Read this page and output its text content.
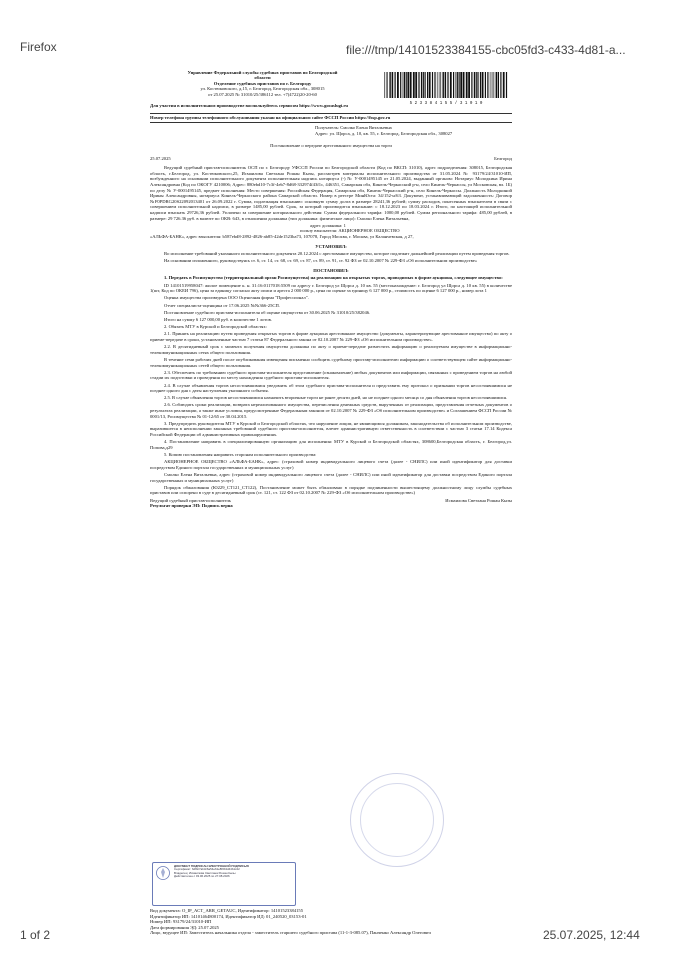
Firefox	file:///tmp/14101523384155-cbc05fd3-c433-4d81-a...
1 of 2	25.07.2025, 12:44
Управление Федеральной службы судебных приставов по Белгородской
области
Отделение судебных приставов по г. Белгороду
ул. Костюковского, д.15, г. Белгород, Белгородская обл., 308015
от 25.07.2025 № 31010/25/386112 тел. +7(4722)20-20-60
5 2 3 3 8 4 1 5 5 / 3 1 0 1 0
Для участия в исполнительном производстве воспользуйтесь сервисом https://www.gosuslugi.ru
Номер телефона группы телефонного обслуживания указан на официальном сайте ФССП России https://fssp.gov.ru
Получатель: Смолко Елена Витальевна
Адрес: ул. Щорса, д. 10, кв. 55, г. Белгород, Белгородская обл., 308027
Постановление о передаче арестованного имущества на торги
25.07.2025	Белгород

Ведущий судебный пристав-исполнитель ОСП по г. Белгороду УФССП России по Белгородской области (Код по ВКСП: 31010), адрес подразделения: 308015, Белгородская область, г.Белгород, ул. Костюковского,25, Исмаилова Светлана Рошан Кызы, рассмотрев материалы исполнительного производства от 31.05.2024 № 93179/24/31010-ИП, возбужденного на основании исполнительного документа исполнительная надпись нотариуса (-) № У-0001495145 от 21.05.2024, выданный органом: Нотариус Молодкина Ирина Александровна (Код по ОКОГУ 4210006; Адрес: 880ebd10-7c3f-4eb7-8d68-332974f43f1c, 446351, Самарская обл, Кинель-Черкасский р-н, село Кинель-Черкассы, ул Московская, вл. 1Б) по делу № У-0001495145, предмет исполнения: Место совершения: Российская Федерация, Самарская обл, Кинель-Черкасский р-н, село Кинель-Черкассы. Должность Молодкиной Ирины Александровны, нотариуса Кинель-Черкасского района Самарской области. Номер в реестре МинЮста: 34/152-н/63. Документ, устанавливающий задолженность: Договор №F0PDRG20S22092013401 от 26.09.2022 г. Сумма, подлежащая взысканию: основную сумму долга в размере 28241,36 рублей; сумму расходов, понесенных взыскателем в связи с совершением исполнительной надписи, в размере 1485,00 рублей. Срок, за который производится взыскание: с 18.12.2023 по 18.03.2024 г. Итого, по настоящей исполнительной надписи взыскать 29726,36 рублей. Уплачено за совершение нотариального действия: Сумма федерального тарифа: 1000,00 рублей. Сумма регионального тарифа: 485,00 рублей, в размере: 29 726.36 руб. в валюте по ОКВ: 643, в отношении должника (тип должника: физическое лицо): Смолко Елена Витальевна,

адрес должника: 1
пользу взыскателя: АКЦИОНЕРНОЕ ОБЩЕСТВО

«АЛЬФА-БАНК», адрес взыскателя: b587ebd8-2892-4826-ab85-42de1523ba73, 107078, Город Москва, г. Москва, ул Каланчевская, д 27,

УСТАНОВИЛ:

Во исполнение требований указанного исполнительного документа 20.12.2024 с арестованное имущество, которое подлежит дальнейшей реализации путем проведения торгов.

На основании изложенного, руководствуясь ст. 6, ст. 14, ст. 68, ст. 69, ст. 87, ст. 89, ст. 91, ст. 92 ФЗ от 02.10.2007 № 229-ФЗ «Об исполнительном производстве»

ПОСТАНОВИЛ:

1. Передать в Росимущество (территориальный орган Росимущества) на реализацию на открытых торгах, проводимых в форме аукциона, следующее имущество:

ID 14101519958047: жилое помещение к. н. 31:16:0117018:5509 по адресу г. Белгород ул Щорса д. 10 кв. 55 (местонахождение: г. Белгород ул Щорса д. 10 кв. 55) в количестве 1(шт, Код по ОКЕИ 796), цена за единицу согласно акту описи и ареста 2 000 000 р., цена по оценке за единицу 6 127 000 р., стоимость по оценке 6 127 000 р., номер лота 1

Оценка имущества произведена ООО Оценочная фирма "Профессионал".

Отчет специалиста-оценщика от 17.06.2025 №№366-25СП.

Постановление судебного пристава-исполнителя об оценке имущества от 30.06.2025 № 31010/25/382046.

Итого на сумму 6 127 000,00 руб. в количестве 1 лотов.

2. Обязать МТУ в Курской и Белгородской областях:

2.1. Принять на реализацию путем проведения открытых торгов в форме аукциона арестованное имущество (документы, характеризующие арестованное имущество) по акту о приеме-передаче в сроки, установленные частью 7 статьи 87 Федерального закона от 02.10.2007 № 229-ФЗ «Об исполнительном производстве».

2.2. В десятидневный срок с момента получения имущества должника по акту о приеме-передаче разместить информацию о реализуемом имуществе в информационно-телекоммуникационных сетях общего пользования.

В течение семи рабочих дней после опубликования извещения письменно сообщить судебному приставу-исполнителю информацию о соответствующем сайте информационно-телекоммуникационных сетей общего пользования.

2.3. Обеспечить по требованию судебного пристава-исполнителя представление (ознакомление) любых документов или информации, связанных с проведением торгов на любой стадии их подготовки и проведения по месту нахождения судебного пристава-исполнителя.

2.4. В случае объявления торгов несостоявшимися уведомить об этом судебного пристава-исполнителя и представить ему протокол о признании торгов несостоявшимися не позднее одного дня с даты наступления указанного события.

2.5. В случае объявления торгов несостоявшимися назначить вторичные торги не ранее десяти дней, но не позднее одного месяца со дня объявления торгов несостоявшимися.

2.6. Соблюдать сроки реализации, возврата нереализованного имущества, перечисления денежных средств, вырученных от реализации, представления отчетных документов о результатах реализации, а также иные условия, предусмотренные Федеральным законом от 02.10.2007 № 229-ФЗ «Об исполнительном производстве» и Соглашением ФССП России № 0001/13, Росимущества № 01-12/65 от 30.04.2015.

3. Предупредить руководителя МТУ в Курской и Белгородской областях, что нарушение лицом, не являющимся должником, законодательства об исполнительном производстве, выразившееся в неисполнении законных требований судебного пристава-исполнителя, влечет административную ответственность в соответствии с частью 3 статьи 17.14 Кодекса Российской Федерации об административных правонарушениях.

4. Постановление направить в специализированную организацию для исполнения: МТУ в Курской и Белгородской областях, 308600,Белгородская область, г. Белгород,ул. Попова,д29

5. Копию постановления направить сторонам исполнительного производства:

АКЦИОНЕРНОЕ ОБЩЕСТВО «АЛЬФА-БАНК», адрес: (страховой номер индивидуального лицевого счета (далее - СНИЛС) или иной идентификатор для доставки посредством Единого портала государственных и муниципальных услуг)

Смолко Елена Витальевна, адрес (страховой номер индивидуального лицевого счета (далее - СНИЛС) или иной идентификатор для доставки посредством Единого портала государственных и муниципальных услуг)

Порядок обжалования (Ю229_СТ121_СТ122), Постановление может быть обжаловано в порядке подчиненности вышестоящему должностному лицу службы судебных приставов или оспорено в суде в десятидневный срок (ст. 121, ст. 122 ФЗ от 02.10.2007 № 229-ФЗ «Об исполнительном производстве»)

Ведущий судебный пристав-исполнитель	Исмаилова Светлана Рошан Кызы
Результат проверки ЭП: Подпись верна
ДОКУМЕНТ ПОДПИСАН ЭЛЕКТРОННОЙ ПОДПИСЬЮ
Сертификат: 6df9c7ab3c6a54e61e8f0b3d44b1c22
Владелец: Исмаилова Светлана Рошан Кызы
Действителен с 03.06.2025 по 27.08.2026
Вид документа: О_IP_ACT_ARR_GETAUC, Идентификатор: 14101523384155
Идентификатор ИП: 14101464800174, Идентификатор ИД: 01_240520_03153-01
Номер ИП: 93179/24/31010-ИП
Дата формирования ЭД: 25.07.2025
Лицо, ведущее ИП: Заместитель начальника отдела - заместитель старшего судебного пристава (11-1-3-085.07), Панченко Александр Олегович
